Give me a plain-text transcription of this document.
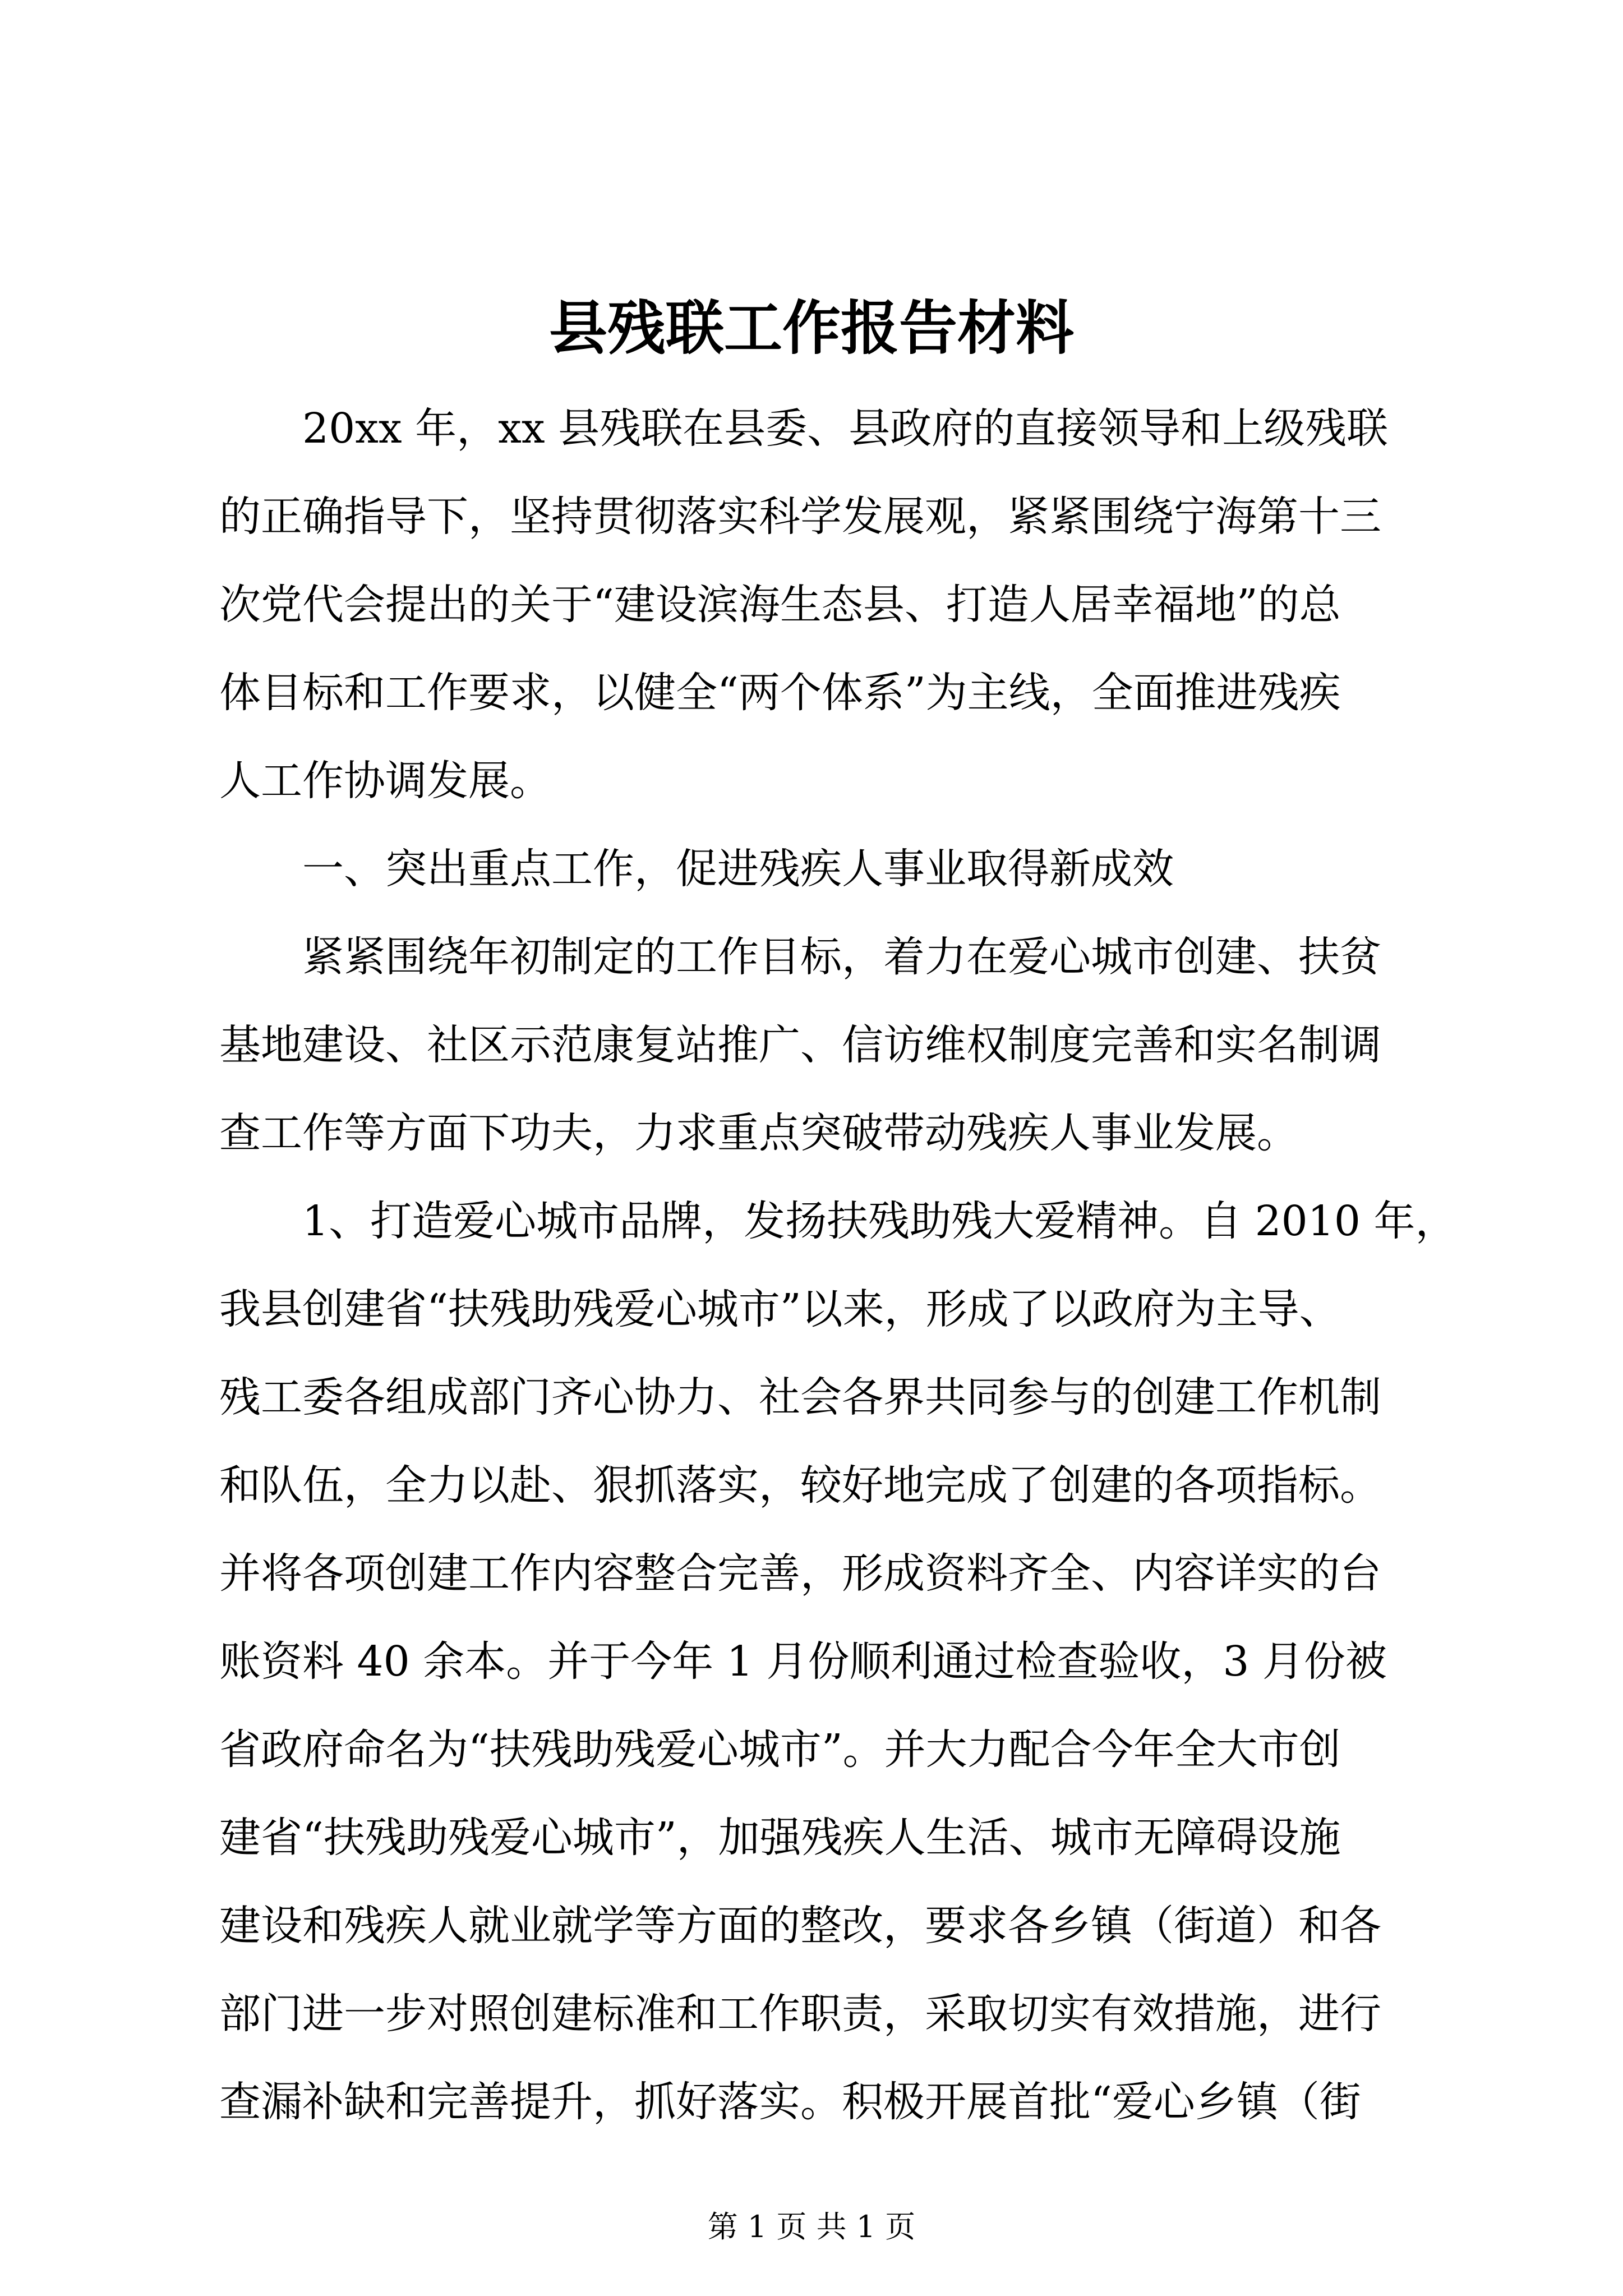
县残联工作报告材料
20xx 年，xx 县残联在县委、县政府的直接领导和上级残联
的正确指导下，坚持贯彻落实科学发展观，紧紧围绕宁海第十三
次党代会提出的关于“建设滨海生态县、打造人居幸福地”的总
体目标和工作要求，以健全“两个体系”为主线，全面推进残疾
人工作协调发展。
一、突出重点工作，促进残疾人事业取得新成效
紧紧围绕年初制定的工作目标，着力在爱心城市创建、扶贫
基地建设、社区示范康复站推广、信访维权制度完善和实名制调
查工作等方面下功夫，力求重点突破带动残疾人事业发展。
1、打造爱心城市品牌，发扬扶残助残大爱精神。自 2010 年，
我县创建省“扶残助残爱心城市”以来，形成了以政府为主导、
残工委各组成部门齐心协力、社会各界共同参与的创建工作机制
和队伍，全力以赴、狠抓落实，较好地完成了创建的各项指标。
并将各项创建工作内容整合完善，形成资料齐全、内容详实的台
账资料 40 余本。并于今年 1 月份顺利通过检查验收，3 月份被
省政府命名为“扶残助残爱心城市”。并大力配合今年全大市创
建省“扶残助残爱心城市”，加强残疾人生活、城市无障碍设施
建设和残疾人就业就学等方面的整改，要求各乡镇（街道）和各
部门进一步对照创建标准和工作职责，采取切实有效措施，进行
查漏补缺和完善提升，抓好落实。积极开展首批“爱心乡镇（街
第 1 页 共 1 页
